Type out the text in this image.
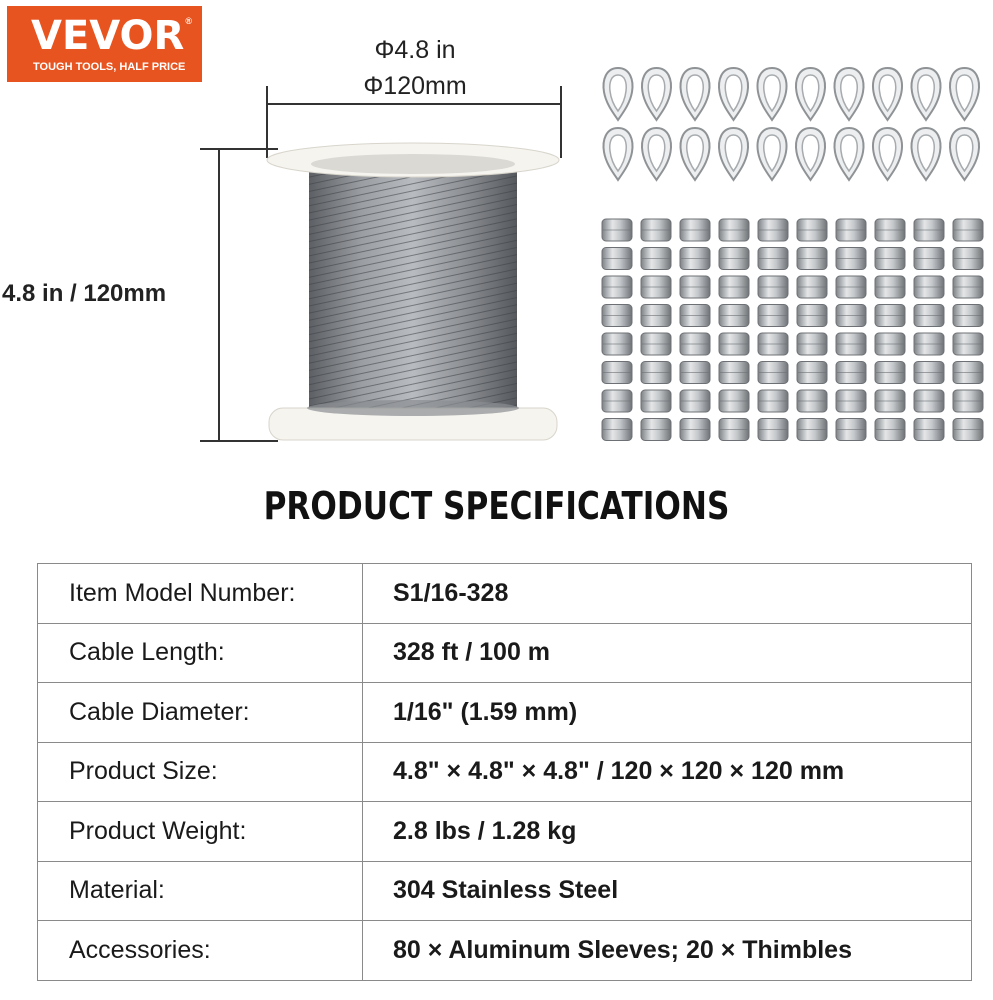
VEVOR ®
TOUGH TOOLS, HALF PRICE
Φ4.8 in
Φ120mm
4.8 in / 120mm
PRODUCT SPECIFICATIONS
Item Model Number:	S1/16-328
Cable Length:	328 ft / 100 m
Cable Diameter:	1/16" (1.59 mm)
Product Size:	4.8" × 4.8" × 4.8" / 120 × 120 × 120 mm
Product Weight:	2.8 lbs / 1.28 kg
Material:	304 Stainless Steel
Accessories:	80 × Aluminum Sleeves; 20 × Thimbles
